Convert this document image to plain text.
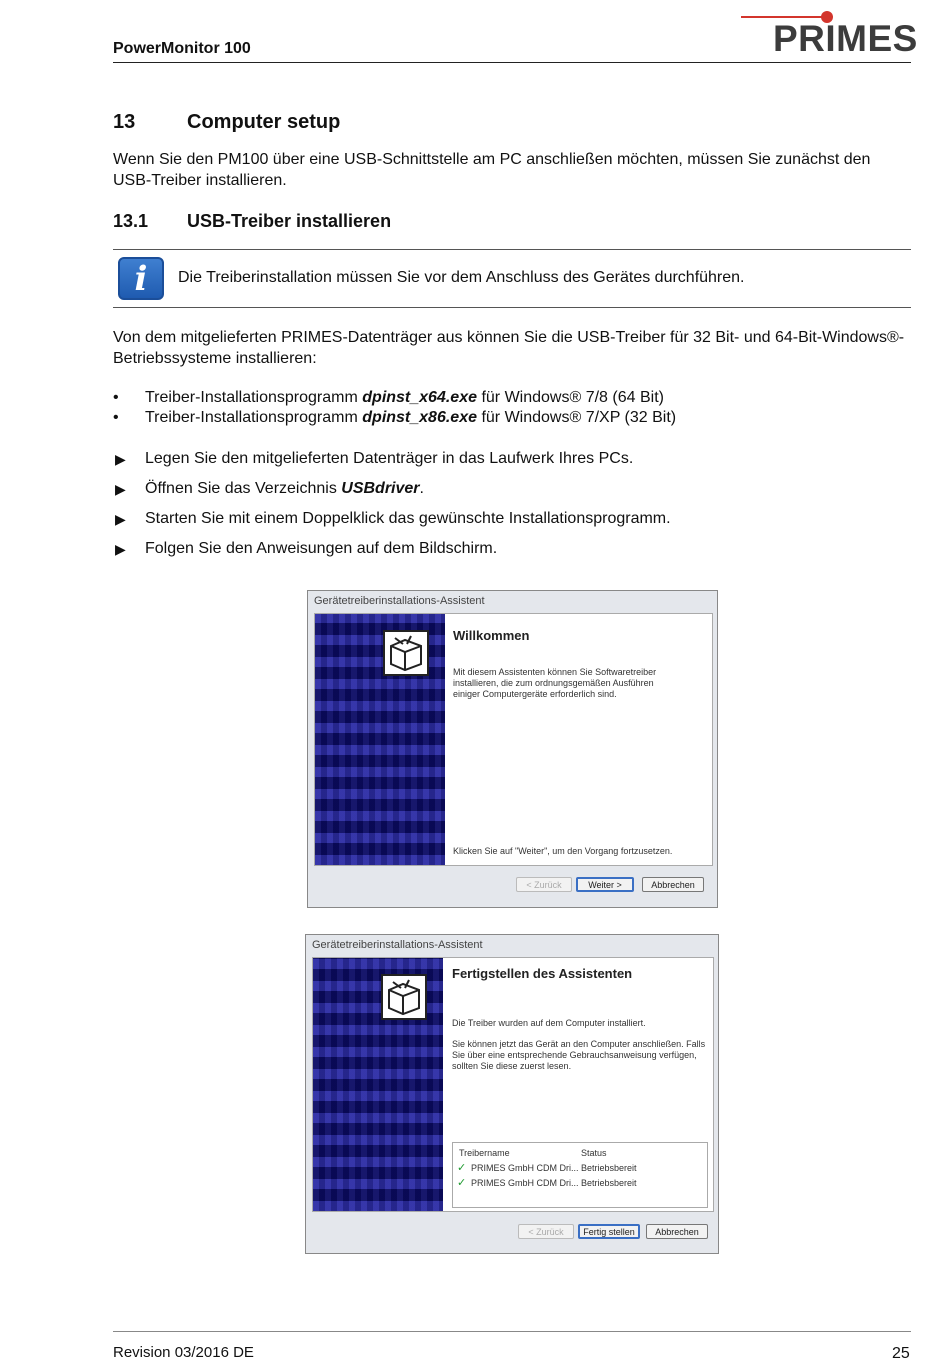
PowerMonitor 100	PRIMES
13	Computer setup
Wenn Sie den PM100 über eine USB-Schnittstelle am PC anschließen möchten, müssen Sie zunächst den USB-Treiber installieren.
13.1 USB-Treiber installieren
i	Die Treiberinstallation müssen Sie vor dem Anschluss des Gerätes durchführen.
Von dem mitgelieferten PRIMES-Datenträger aus können Sie die USB-Treiber für 32 Bit- und 64-Bit-Windows®-Betriebssysteme installieren:
• Treiber-Installationsprogramm dpinst_x64.exe für Windows® 7/8 (64 Bit)
• Treiber-Installationsprogramm dpinst_x86.exe für Windows® 7/XP (32 Bit)
▶ Legen Sie den mitgelieferten Datenträger in das Laufwerk Ihres PCs.
▶ Öffnen Sie das Verzeichnis USBdriver.
▶ Starten Sie mit einem Doppelklick das gewünschte Installationsprogramm.
▶ Folgen Sie den Anweisungen auf dem Bildschirm.
Gerätetreiberinstallations-Assistent
Willkommen
Mit diesem Assistenten können Sie Softwaretreiber installieren, die zum ordnungsgemäßen Ausführen einiger Computergeräte erforderlich sind.
Klicken Sie auf "Weiter", um den Vorgang fortzusetzen.
< Zurück	Weiter >	Abbrechen
Gerätetreiberinstallations-Assistent
Fertigstellen des Assistenten
Die Treiber wurden auf dem Computer installiert.
Sie können jetzt das Gerät an den Computer anschließen. Falls Sie über eine entsprechende Gebrauchsanweisung verfügen, sollten Sie diese zuerst lesen.
Treibername	Status
✓ PRIMES GmbH CDM Dri... Betriebsbereit
✓ PRIMES GmbH CDM Dri... Betriebsbereit
< Zurück	Fertig stellen	Abbrechen
Revision 03/2016 DE	25
